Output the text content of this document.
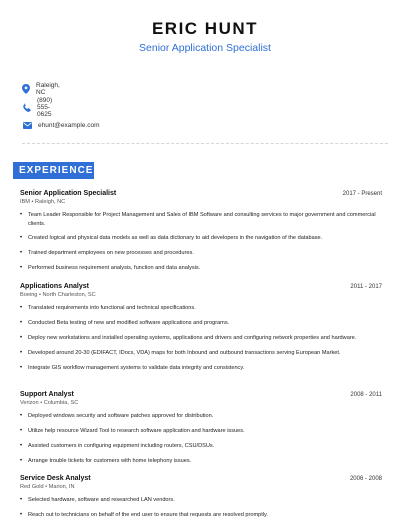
ERIC HUNT
Senior Application Specialist
Raleigh, NC
(890) 555-0625
ehunt@example.com
EXPERIENCE
Senior Application Specialist	2017 - Present
IBM • Raleigh, NC
• Team Leader Responsible for Project Management and Sales of IBM Software and consulting services to major government and commercial clients.
• Created logical and physical data models as well as data dictionary to aid developers in the navigation of the database.
• Trained department employees on new processes and procedures.
• Performed business requirement analysis, function and data analysis.
Applications Analyst	2011 - 2017
Boeing • North Charleston, SC
• Translated requirements into functional and technical specifications.
• Conducted Beta testing of new and modified software applications and programs.
• Deploy new workstations and installed operating systems, applications and drivers and configuring network properties and hardware.
• Developed around 20-30 (EDIFACT, IDocs, VDA) maps for both Inbound and outbound transactions serving European Market.
• Integrate GIS workflow management systems to validate data integrity and consistency.
Support Analyst	2008 - 2011
Verizon • Columbia, SC
• Deployed windows security and software patches approved for distribution.
• Utilize help resource Wizard Tool to research software application and hardware issues.
• Assisted customers in configuring equipment including routers, CSU/DSUs.
• Arrange trouble tickets for customers with home telephony issues.
Service Desk Analyst	2006 - 2008
Red Gold • Marion, IN
• Selected hardware, software and researched LAN vendors.
• Reach out to technicians on behalf of the end user to ensure that requests are resolved promptly.
